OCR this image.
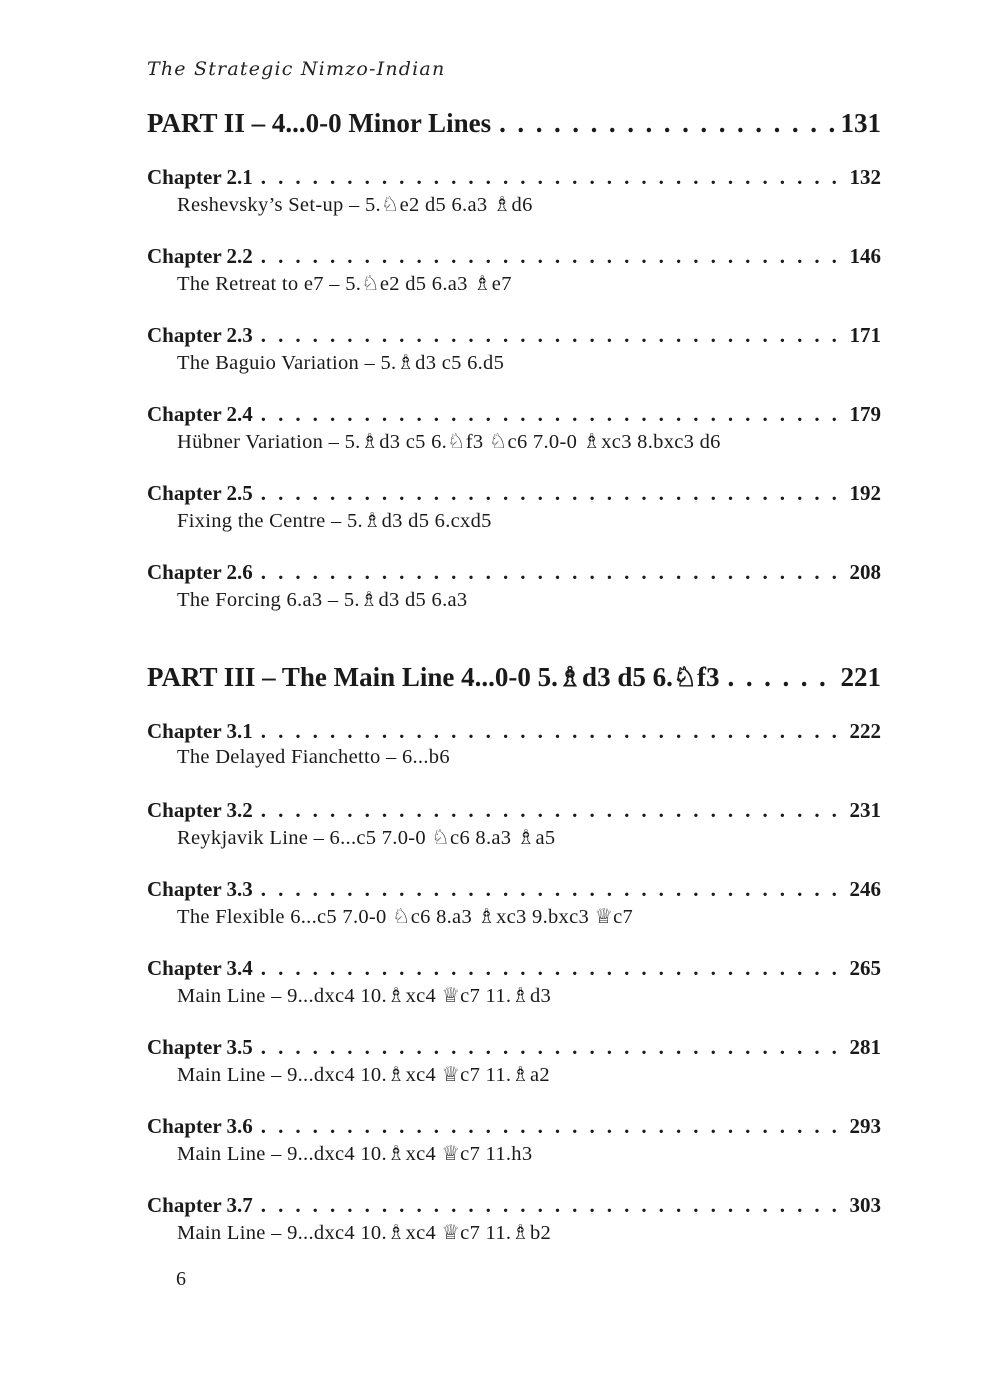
The Strategic Nimzo-Indian
PART II – 4...0-0 Minor Lines . . .	131
Chapter 2.1 . . .	132
Reshevsky’s Set-up – 5.♘e2 d5 6.a3 ♗d6
Chapter 2.2 . . .	146
The Retreat to e7 – 5.♘e2 d5 6.a3 ♗e7
Chapter 2.3 . . .	171
The Baguio Variation – 5.♗d3 c5 6.d5
Chapter 2.4 . . .	179
Hübner Variation – 5.♗d3 c5 6.♘f3 ♘c6 7.0-0 ♗xc3 8.bxc3 d6
Chapter 2.5 . . .	192
Fixing the Centre – 5.♗d3 d5 6.cxd5
Chapter 2.6 . . .	208
The Forcing 6.a3 – 5.♗d3 d5 6.a3
PART III – The Main Line 4...0-0 5.♗d3 d5 6.♘f3 . . .	221
Chapter 3.1 . . .	222
The Delayed Fianchetto – 6...b6
Chapter 3.2 . . .	231
Reykjavik Line – 6...c5 7.0-0 ♘c6 8.a3 ♗a5
Chapter 3.3 . . .	246
The Flexible 6...c5 7.0-0 ♘c6 8.a3 ♗xc3 9.bxc3 ♕c7
Chapter 3.4 . . .	265
Main Line – 9...dxc4 10.♗xc4 ♕c7 11.♗d3
Chapter 3.5 . . .	281
Main Line – 9...dxc4 10.♗xc4 ♕c7 11.♗a2
Chapter 3.6 . . .	293
Main Line – 9...dxc4 10.♗xc4 ♕c7 11.h3
Chapter 3.7 . . .	303
Main Line – 9...dxc4 10.♗xc4 ♕c7 11.♗b2
6
